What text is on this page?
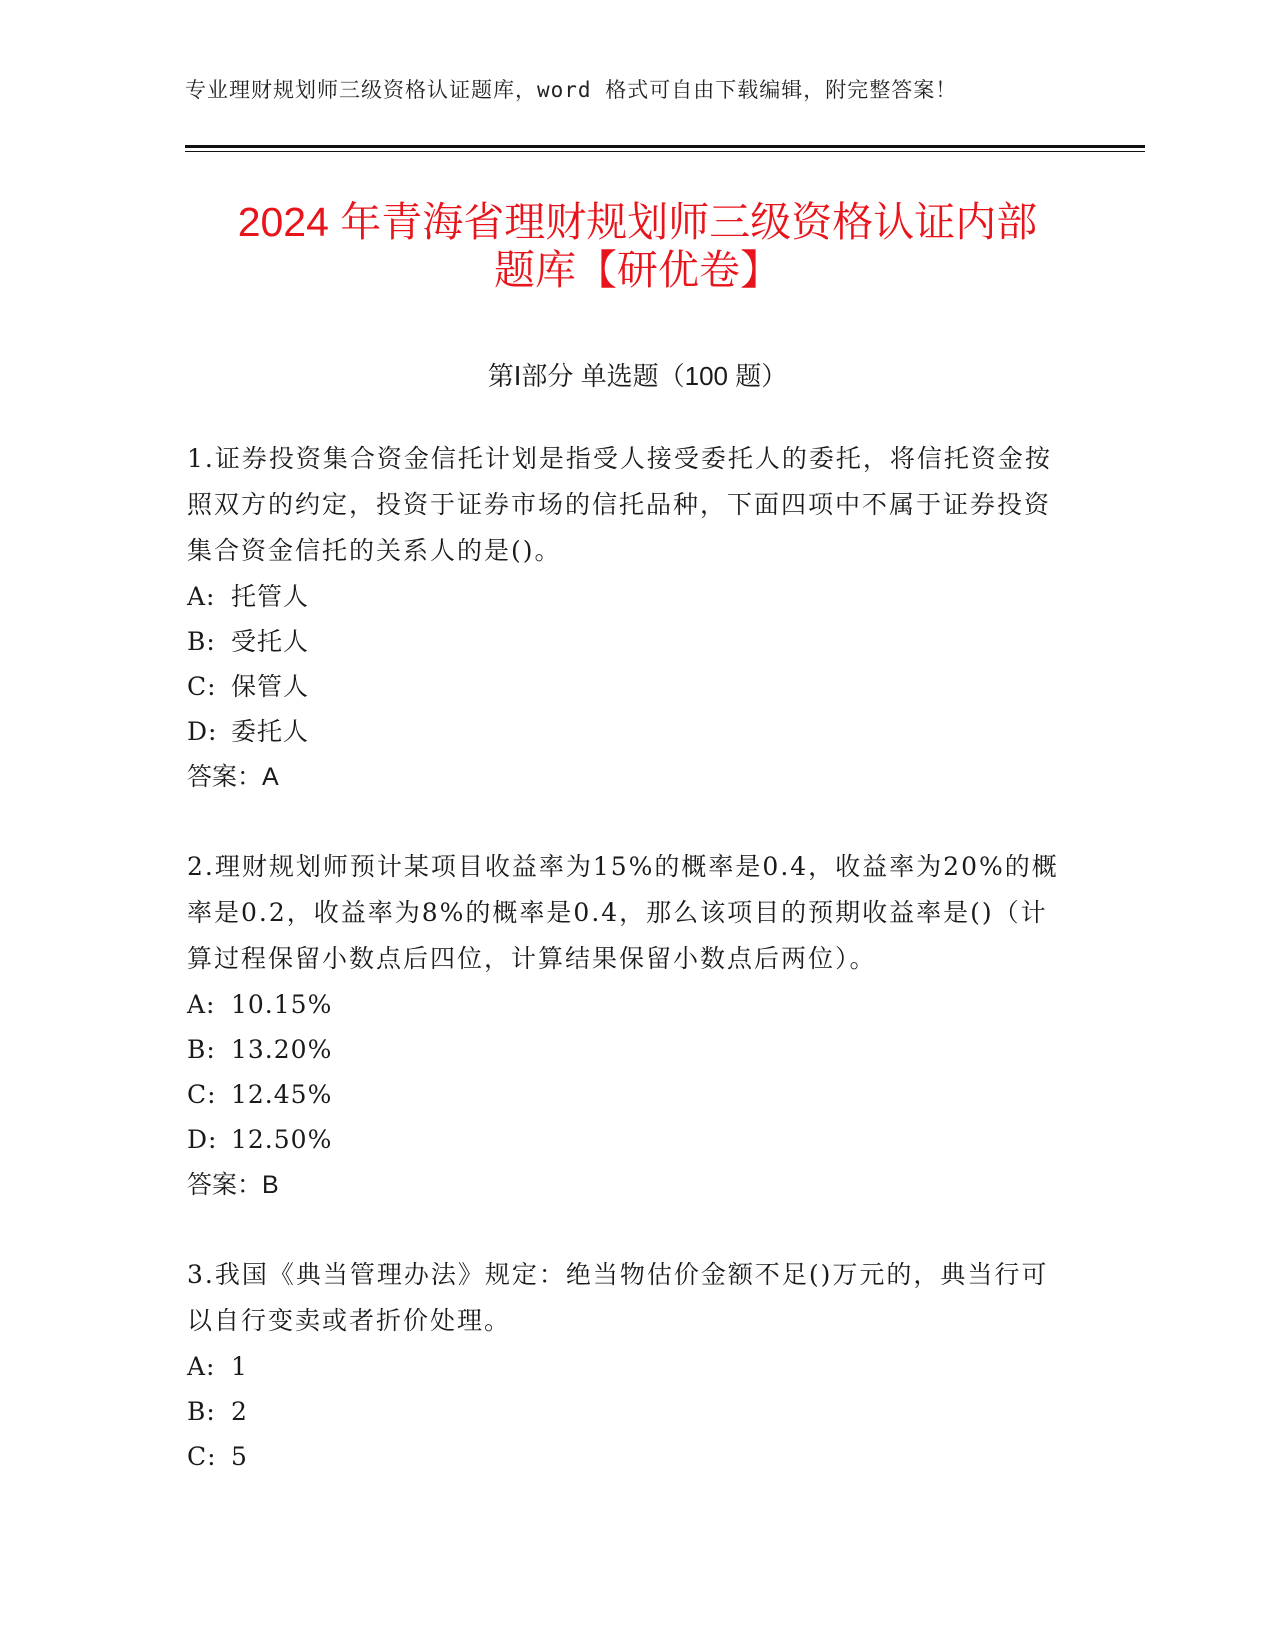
专业理财规划师三级资格认证题库，word 格式可自由下载编辑，附完整答案！
2024 年青海省理财规划师三级资格认证内部
题库【研优卷】
第Ⅰ部分 单选题（100 题）

1.证券投资集合资金信托计划是指受人接受委托人的委托，将信托资金按照双方的约定，投资于证券市场的信托品种，下面四项中不属于证券投资集合资金信托的关系人的是()。

A: 托管人
B: 受托人
C: 保管人
D: 委托人
答案：A

2.理财规划师预计某项目收益率为15%的概率是0.4，收益率为20%的概率是0.2，收益率为8%的概率是0.4，那么该项目的预期收益率是()（计算过程保留小数点后四位，计算结果保留小数点后两位）。

A: 10.15%
B: 13.20%
C: 12.45%
D: 12.50%
答案：B

3.我国《典当管理办法》规定：绝当物估价金额不足()万元的，典当行可以自行变卖或者折价处理。

A: 1
B: 2
C: 5
